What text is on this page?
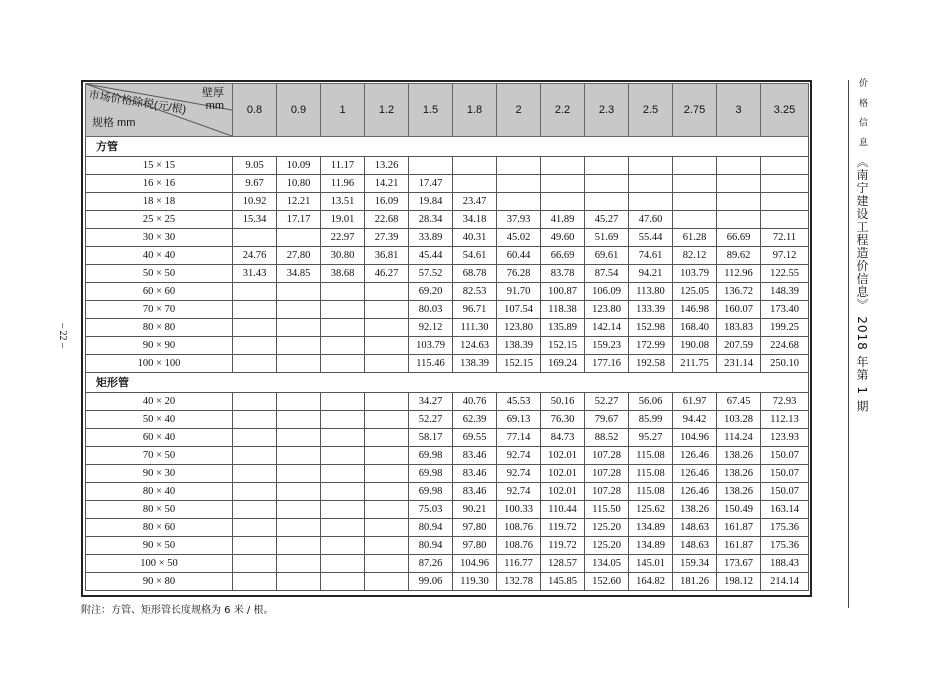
壁厚
mm
市场价格除税(元/根)
规格 mm	0.8	0.9	1	1.2	1.5	1.8	2	2.2	2.3	2.5	2.75	3	3.25
方管													
15 × 15	9.05	10.09	11.17	13.26									
16 × 16	9.67	10.80	11.96	14.21	17.47								
18 × 18	10.92	12.21	13.51	16.09	19.84	23.47							
25 × 25	15.34	17.17	19.01	22.68	28.34	34.18	37.93	41.89	45.27	47.60			
30 × 30			22.97	27.39	33.89	40.31	45.02	49.60	51.69	55.44	61.28	66.69	72.11
40 × 40	24.76	27.80	30.80	36.81	45.44	54.61	60.44	66.69	69.61	74.61	82.12	89.62	97.12
50 × 50	31.43	34.85	38.68	46.27	57.52	68.78	76.28	83.78	87.54	94.21	103.79	112.96	122.55
60 × 60					69.20	82.53	91.70	100.87	106.09	113.80	125.05	136.72	148.39
70 × 70					80.03	96.71	107.54	118.38	123.80	133.39	146.98	160.07	173.40
80 × 80					92.12	111.30	123.80	135.89	142.14	152.98	168.40	183.83	199.25
90 × 90					103.79	124.63	138.39	152.15	159.23	172.99	190.08	207.59	224.68
100 × 100					115.46	138.39	152.15	169.24	177.16	192.58	211.75	231.14	250.10
矩形管													
40 × 20					34.27	40.76	45.53	50.16	52.27	56.06	61.97	67.45	72.93
50 × 40					52.27	62.39	69.13	76.30	79.67	85.99	94.42	103.28	112.13
60 × 40					58.17	69.55	77.14	84.73	88.52	95.27	104.96	114.24	123.93
70 × 50					69.98	83.46	92.74	102.01	107.28	115.08	126.46	138.26	150.07
90 × 30					69.98	83.46	92.74	102.01	107.28	115.08	126.46	138.26	150.07
80 × 40					69.98	83.46	92.74	102.01	107.28	115.08	126.46	138.26	150.07
80 × 50					75.03	90.21	100.33	110.44	115.50	125.62	138.26	150.49	163.14
80 × 60					80.94	97.80	108.76	119.72	125.20	134.89	148.63	161.87	175.36
90 × 50					80.94	97.80	108.76	119.72	125.20	134.89	148.63	161.87	175.36
100 × 50					87.26	104.96	116.77	128.57	134.05	145.01	159.34	173.67	188.43
90 × 80					99.06	119.30	132.78	145.85	152.60	164.82	181.26	198.12	214.14
附注：方管、矩形管长度规格为 6 米 / 根。
– 22 –
价 格 信 息 《南宁建设工程造价信息》 2018 年第 1 期
